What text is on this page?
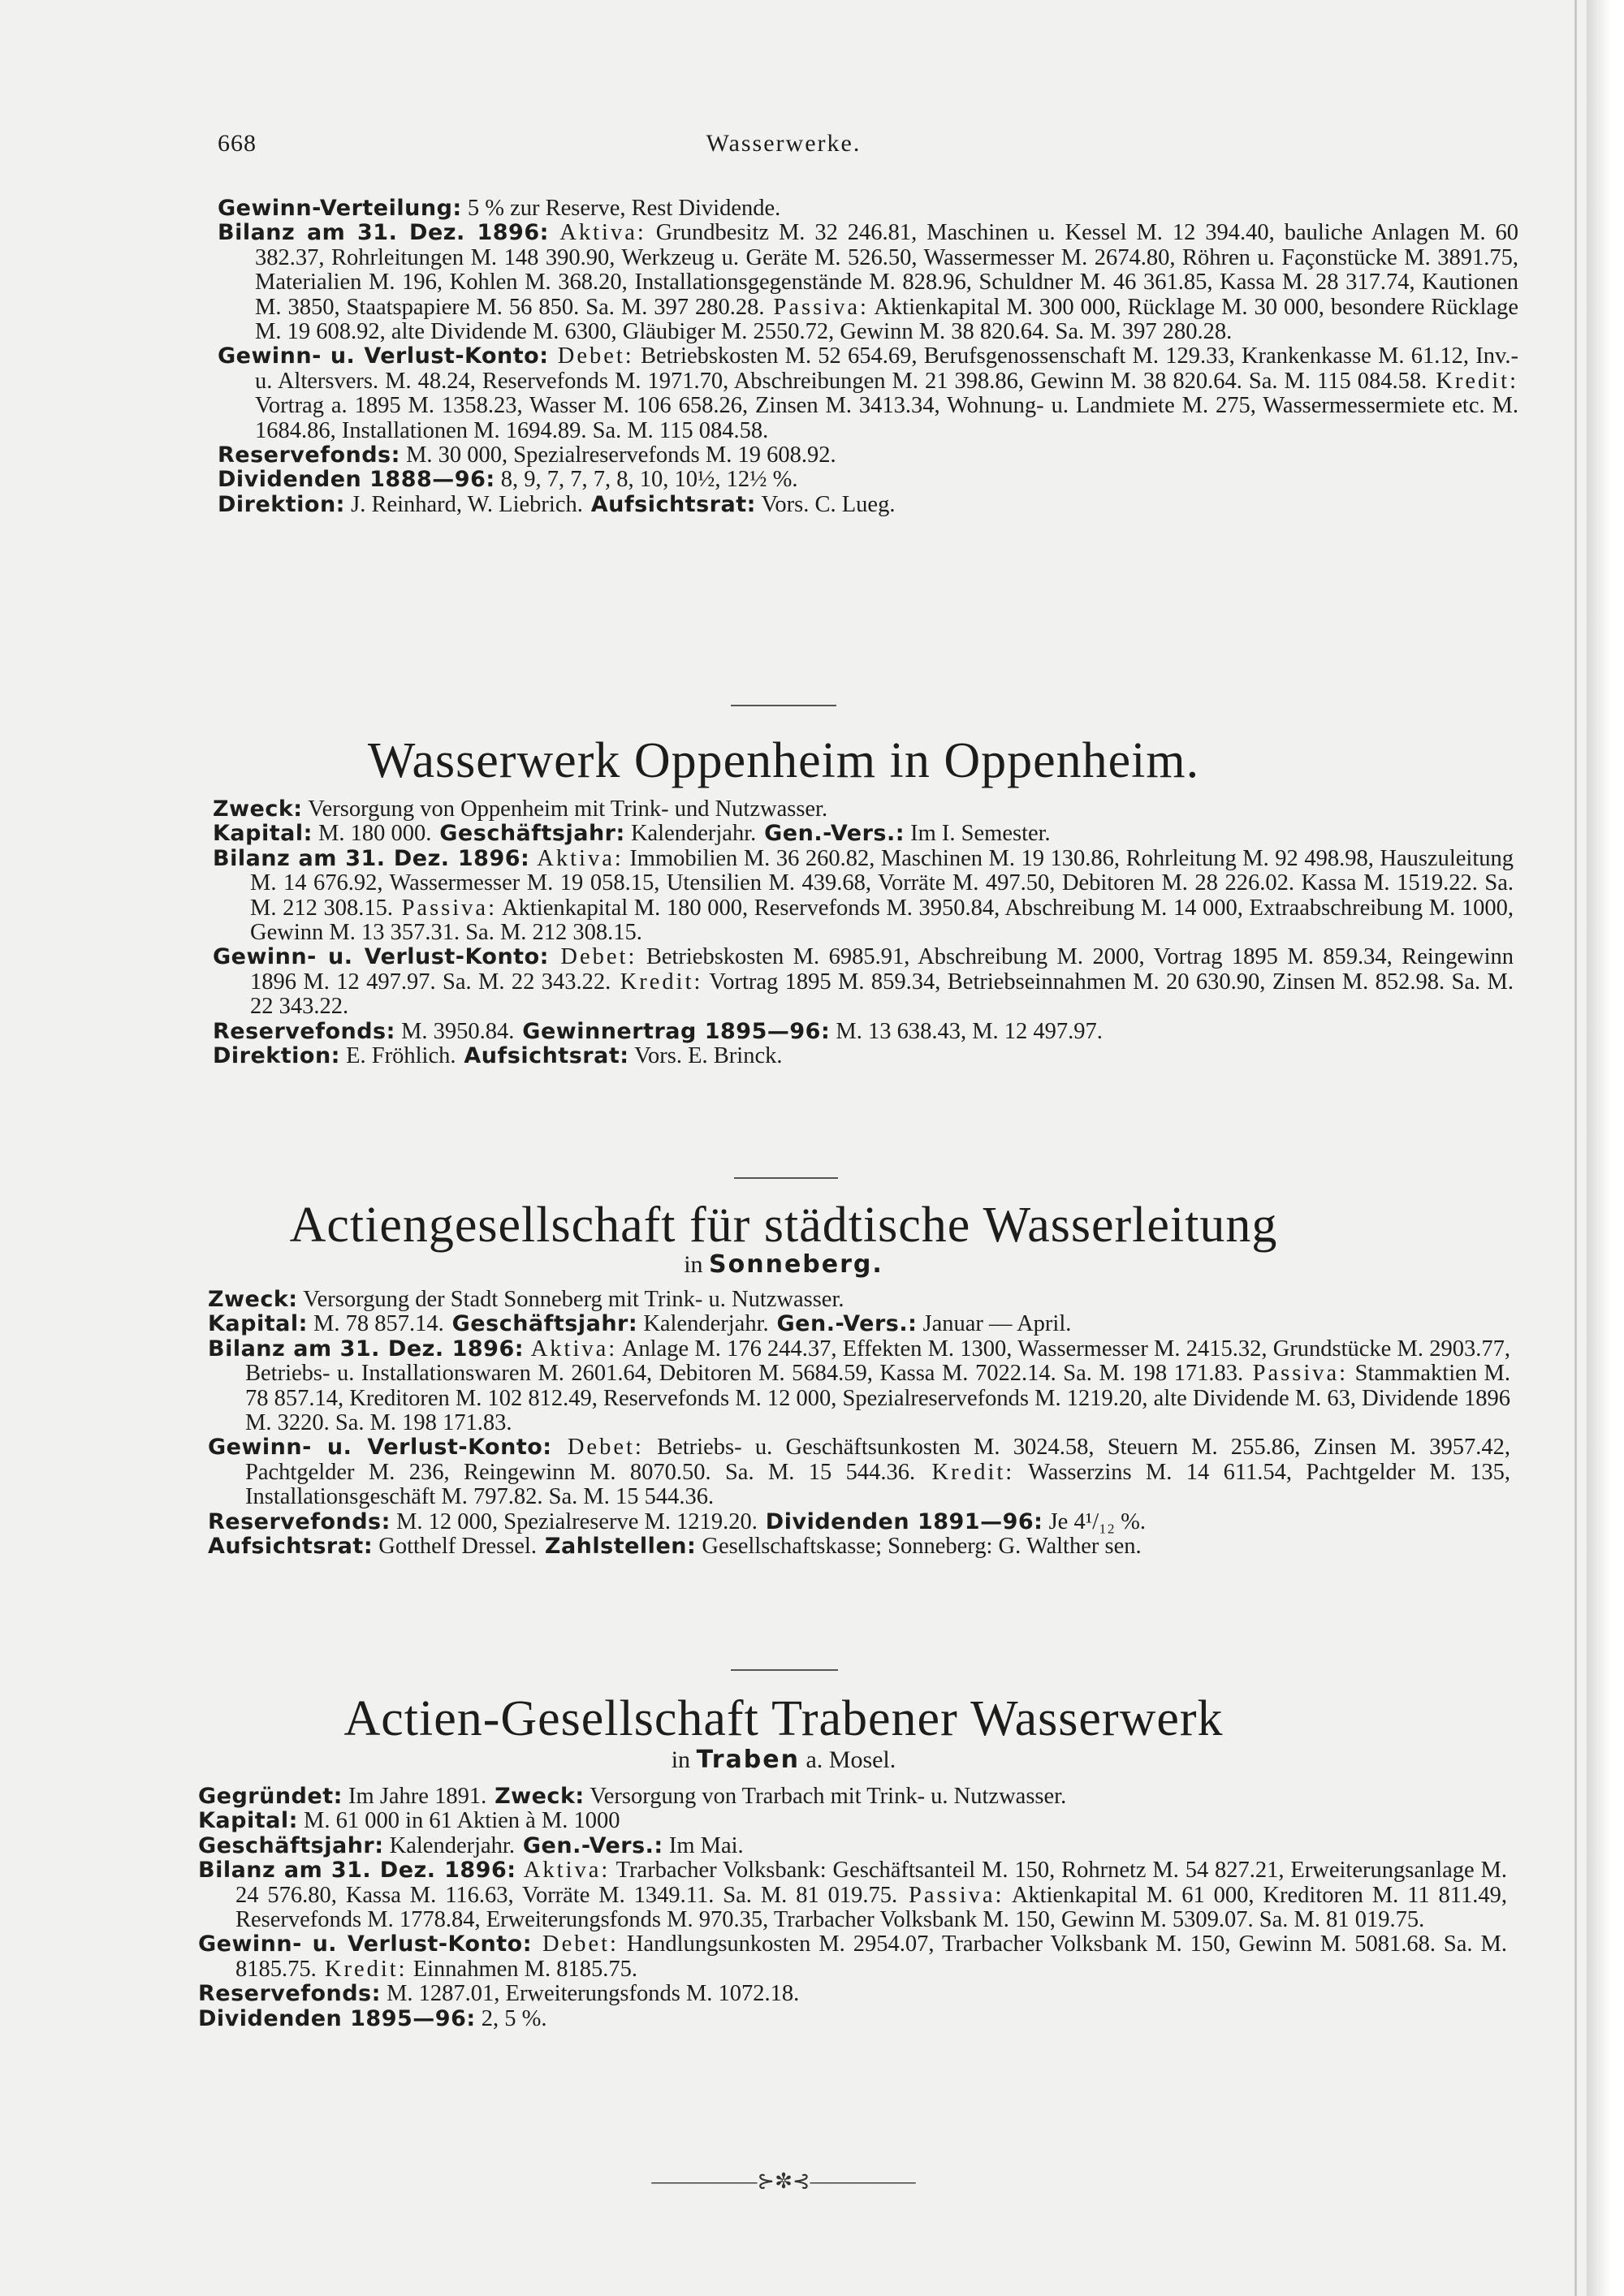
668	Wasserwerke.

Gewinn-Verteilung: 5 % zur Reserve, Rest Dividende.

Bilanz am 31. Dez. 1896: Aktiva: Grundbesitz M. 32 246.81, Maschinen u. Kessel M. 12 394.40, bauliche Anlagen M. 60 382.37, Rohrleitungen M. 148 390.90, Werkzeug u. Geräte M. 526.50, Wassermesser M. 2674.80, Röhren u. Façonstücke M. 3891.75, Materialien M. 196, Kohlen M. 368.20, Installationsgegenstände M. 828.96, Schuldner M. 46 361.85, Kassa M. 28 317.74, Kautionen M. 3850, Staatspapiere M. 56 850. Sa. M. 397 280.28. Passiva: Aktienkapital M. 300 000, Rücklage M. 30 000, besondere Rücklage M. 19 608.92, alte Dividende M. 6300, Gläubiger M. 2550.72, Gewinn M. 38 820.64. Sa. M. 397 280.28.

Gewinn- u. Verlust-Konto: Debet: Betriebskosten M. 52 654.69, Berufsgenossenschaft M. 129.33, Krankenkasse M. 61.12, Inv.- u. Altersvers. M. 48.24, Reservefonds M. 1971.70, Abschreibungen M. 21 398.86, Gewinn M. 38 820.64. Sa. M. 115 084.58. Kredit: Vortrag a. 1895 M. 1358.23, Wasser M. 106 658.26, Zinsen M. 3413.34, Wohnung- u. Landmiete M. 275, Wassermessermiete etc. M. 1684.86, Installationen M. 1694.89. Sa. M. 115 084.58.

Reservefonds: M. 30 000, Spezialreservefonds M. 19 608.92.

Dividenden 1888—96: 8, 9, 7, 7, 7, 8, 10, 10½, 12½ %.

Direktion: J. Reinhard, W. Liebrich. Aufsichtsrat: Vors. C. Lueg.

Wasserwerk Oppenheim in Oppenheim.

Zweck: Versorgung von Oppenheim mit Trink- und Nutzwasser.

Kapital: M. 180 000. Geschäftsjahr: Kalenderjahr. Gen.-Vers.: Im I. Semester.

Bilanz am 31. Dez. 1896: Aktiva: Immobilien M. 36 260.82, Maschinen M. 19 130.86, Rohrleitung M. 92 498.98, Hauszuleitung M. 14 676.92, Wassermesser M. 19 058.15, Utensilien M. 439.68, Vorräte M. 497.50, Debitoren M. 28 226.02. Kassa M. 1519.22. Sa. M. 212 308.15. Passiva: Aktienkapital M. 180 000, Reservefonds M. 3950.84, Abschreibung M. 14 000, Extraabschreibung M. 1000, Gewinn M. 13 357.31. Sa. M. 212 308.15.

Gewinn- u. Verlust-Konto: Debet: Betriebskosten M. 6985.91, Abschreibung M. 2000, Vortrag 1895 M. 859.34, Reingewinn 1896 M. 12 497.97. Sa. M. 22 343.22. Kredit: Vortrag 1895 M. 859.34, Betriebseinnahmen M. 20 630.90, Zinsen M. 852.98. Sa. M. 22 343.22.

Reservefonds: M. 3950.84. Gewinnertrag 1895—96: M. 13 638.43, M. 12 497.97.

Direktion: E. Fröhlich. Aufsichtsrat: Vors. E. Brinck.

Actiengesellschaft für städtische Wasserleitung
in Sonneberg.

Zweck: Versorgung der Stadt Sonneberg mit Trink- u. Nutzwasser.

Kapital: M. 78 857.14. Geschäftsjahr: Kalenderjahr. Gen.-Vers.: Januar — April.

Bilanz am 31. Dez. 1896: Aktiva: Anlage M. 176 244.37, Effekten M. 1300, Wassermesser M. 2415.32, Grundstücke M. 2903.77, Betriebs- u. Installationswaren M. 2601.64, Debitoren M. 5684.59, Kassa M. 7022.14. Sa. M. 198 171.83. Passiva: Stammaktien M. 78 857.14, Kreditoren M. 102 812.49, Reservefonds M. 12 000, Spezialreservefonds M. 1219.20, alte Dividende M. 63, Dividende 1896 M. 3220. Sa. M. 198 171.83.

Gewinn- u. Verlust-Konto: Debet: Betriebs- u. Geschäftsunkosten M. 3024.58, Steuern M. 255.86, Zinsen M. 3957.42, Pachtgelder M. 236, Reingewinn M. 8070.50. Sa. M. 15 544.36. Kredit: Wasserzins M. 14 611.54, Pachtgelder M. 135, Installationsgeschäft M. 797.82. Sa. M. 15 544.36.

Reservefonds: M. 12 000, Spezialreserve M. 1219.20. Dividenden 1891—96: Je 4¹/₁₂ %.

Aufsichtsrat: Gotthelf Dressel. Zahlstellen: Gesellschaftskasse; Sonneberg: G. Walther sen.

Actien-Gesellschaft Trabener Wasserwerk
in Traben a. Mosel.

Gegründet: Im Jahre 1891. Zweck: Versorgung von Trarbach mit Trink- u. Nutzwasser.

Kapital: M. 61 000 in 61 Aktien à M. 1000

Geschäftsjahr: Kalenderjahr. Gen.-Vers.: Im Mai.

Bilanz am 31. Dez. 1896: Aktiva: Trarbacher Volksbank: Geschäftsanteil M. 150, Rohrnetz M. 54 827.21, Erweiterungsanlage M. 24 576.80, Kassa M. 116.63, Vorräte M. 1349.11. Sa. M. 81 019.75. Passiva: Aktienkapital M. 61 000, Kreditoren M. 11 811.49, Reservefonds M. 1778.84, Erweiterungsfonds M. 970.35, Trarbacher Volksbank M. 150, Gewinn M. 5309.07. Sa. M. 81 019.75.

Gewinn- u. Verlust-Konto: Debet: Handlungsunkosten M. 2954.07, Trarbacher Volksbank M. 150, Gewinn M. 5081.68. Sa. M. 8185.75. Kredit: Einnahmen M. 8185.75.

Reservefonds: M. 1287.01, Erweiterungsfonds M. 1072.18.

Dividenden 1895—96: 2, 5 %.

—————⊱✼⊰—————
